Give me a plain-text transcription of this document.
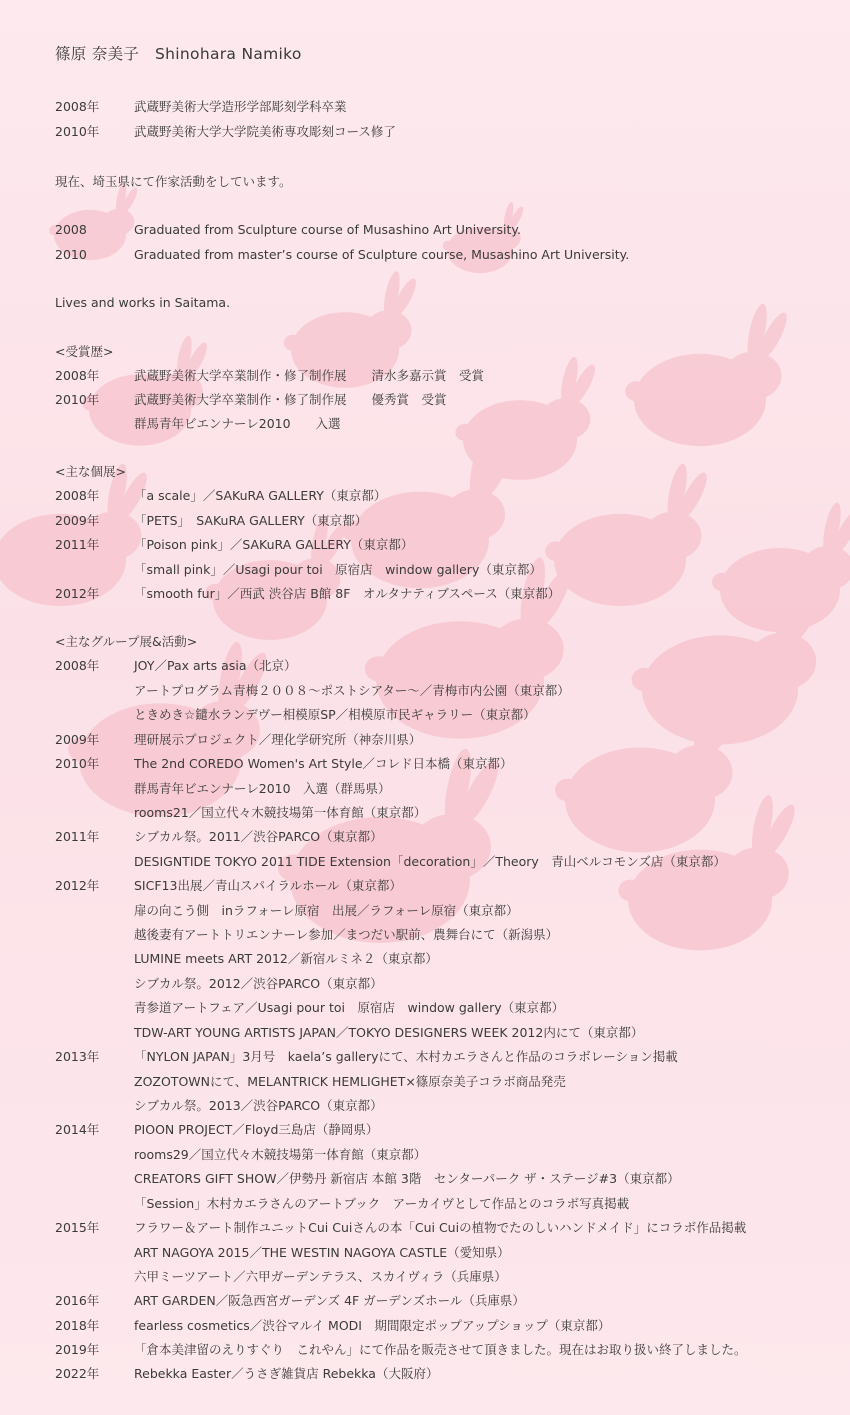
篠原 奈美子　 Shinohara Namiko
2008年	武蔵野美術大学造形学部彫刻学科卒業
2010年	武蔵野美術大学大学院美術専攻彫刻コース修了
現在、埼玉県にて作家活動をしています。
2008	Graduated from Sculpture course of Musashino Art University.
2010	Graduated from master’s course of Sculpture course, Musashino Art University.
Lives and works in Saitama.
<受賞歴>
2008年	武蔵野美術大学卒業制作・修了制作展　　清水多嘉示賞　受賞
2010年	武蔵野美術大学卒業制作・修了制作展　　優秀賞　受賞
群馬青年ビエンナーレ2010　　入選
<主な個展>
2008年	「a scale」／SAKuRA GALLERY（東京都）
2009年	「PETS」　SAKuRA GALLERY（東京都）
2011年	「Poison pink」／SAKuRA GALLERY（東京都）
「small pink」／Usagi pour toi　原宿店　window gallery（東京都）
2012年	「smooth fur」／西武 渋谷店 B館 8F　オルタナティブスペース（東京都）
<主なグループ展&活動>
2008年	JOY／Pax arts asia（北京）
アートプログラム青梅２００８～ポストシアター～／青梅市内公園（東京都）
ときめき☆鑓水ランデヴー相模原SP／相模原市民ギャラリー（東京都）
2009年	理研展示プロジェクト／理化学研究所（神奈川県）
2010年	The 2nd COREDO Women's Art Style／コレド日本橋（東京都）
群馬青年ビエンナーレ2010　入選（群馬県）
rooms21／国立代々木競技場第一体育館（東京都）
2011年	シブカル祭。2011／渋谷PARCO（東京都）
DESIGNTIDE TOKYO 2011 TIDE Extension「decoration」／Theory　青山ベルコモンズ店（東京都）
2012年	SICF13出展／青山スパイラルホール（東京都）
扉の向こう側　inラフォーレ原宿　出展／ラフォーレ原宿（東京都）
越後妻有アートトリエンナーレ参加／まつだい駅前、農舞台にて（新潟県）
LUMINE meets ART 2012／新宿ルミネ２（東京都）
シブカル祭。2012／渋谷PARCO（東京都）
青参道アートフェア／Usagi pour toi　原宿店　window gallery（東京都）
TDW-ART YOUNG ARTISTS JAPAN／TOKYO DESIGNERS WEEK 2012内にて（東京都）
2013年	「NYLON JAPAN」3月号　kaela’s galleryにて、木村カエラさんと作品のコラボレーション掲載
ZOZOTOWNにて、MELANTRICK HEMLIGHET×篠原奈美子コラボ商品発売
シブカル祭。2013／渋谷PARCO（東京都）
2014年	PIOON PROJECT／Floyd三島店（静岡県）
rooms29／国立代々木競技場第一体育館（東京都）
CREATORS GIFT SHOW／伊勢丹 新宿店 本館 3階　センターパーク ザ・ステージ#3（東京都）
「Session」木村カエラさんのアートブック　アーカイヴとして作品とのコラボ写真掲載
2015年	フラワー＆アート制作ユニットCui Cuiさんの本「Cui Cuiの植物でたのしいハンドメイド」にコラボ作品掲載
ART NAGOYA 2015／THE WESTIN NAGOYA CASTLE（愛知県）
六甲ミーツアート／六甲ガーデンテラス、スカイヴィラ（兵庫県）
2016年	ART GARDEN／阪急西宮ガーデンズ 4F ガーデンズホール（兵庫県）
2018年	fearless cosmetics／渋谷マルイ MODI　期間限定ポップアップショップ（東京都）
2019年	「倉本美津留のえりすぐり　これやん」にて作品を販売させて頂きました。現在はお取り扱い終了しました。
2022年	Rebekka Easter／うさぎ雑貨店 Rebekka（大阪府）
